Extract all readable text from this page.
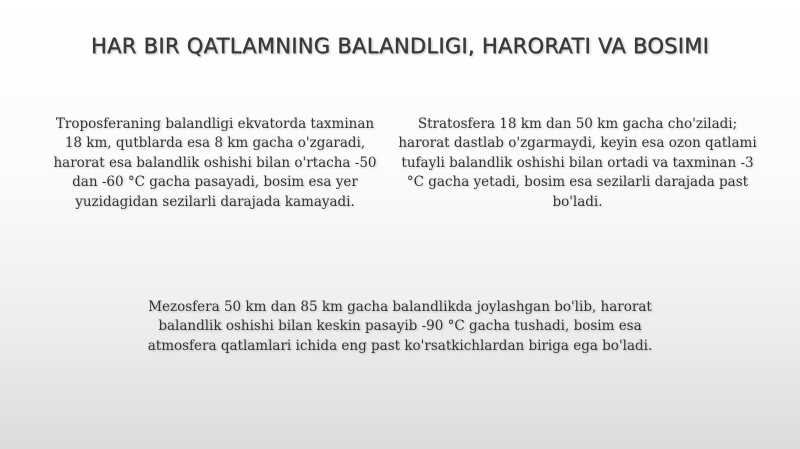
HAR BIR QATLAMNING BALANDLIGI, HARORATI VA BOSIMI

Troposferaning balandligi ekvatorda taxminan 18 km, qutblarda esa 8 km gacha o'zgaradi, harorat esa balandlik oshishi bilan o'rtacha -50 dan -60 °C gacha pasayadi, bosim esa yer yuzidagidan sezilarli darajada kamayadi.

Stratosfera 18 km dan 50 km gacha cho'ziladi; harorat dastlab o'zgarmaydi, keyin esa ozon qatlami tufayli balandlik oshishi bilan ortadi va taxminan -3 °C gacha yetadi, bosim esa sezilarli darajada past bo'ladi.

Mezosfera 50 km dan 85 km gacha balandlikda joylashgan bo'lib, harorat balandlik oshishi bilan keskin pasayib -90 °C gacha tushadi, bosim esa atmosfera qatlamlari ichida eng past ko'rsatkichlardan biriga ega bo'ladi.
